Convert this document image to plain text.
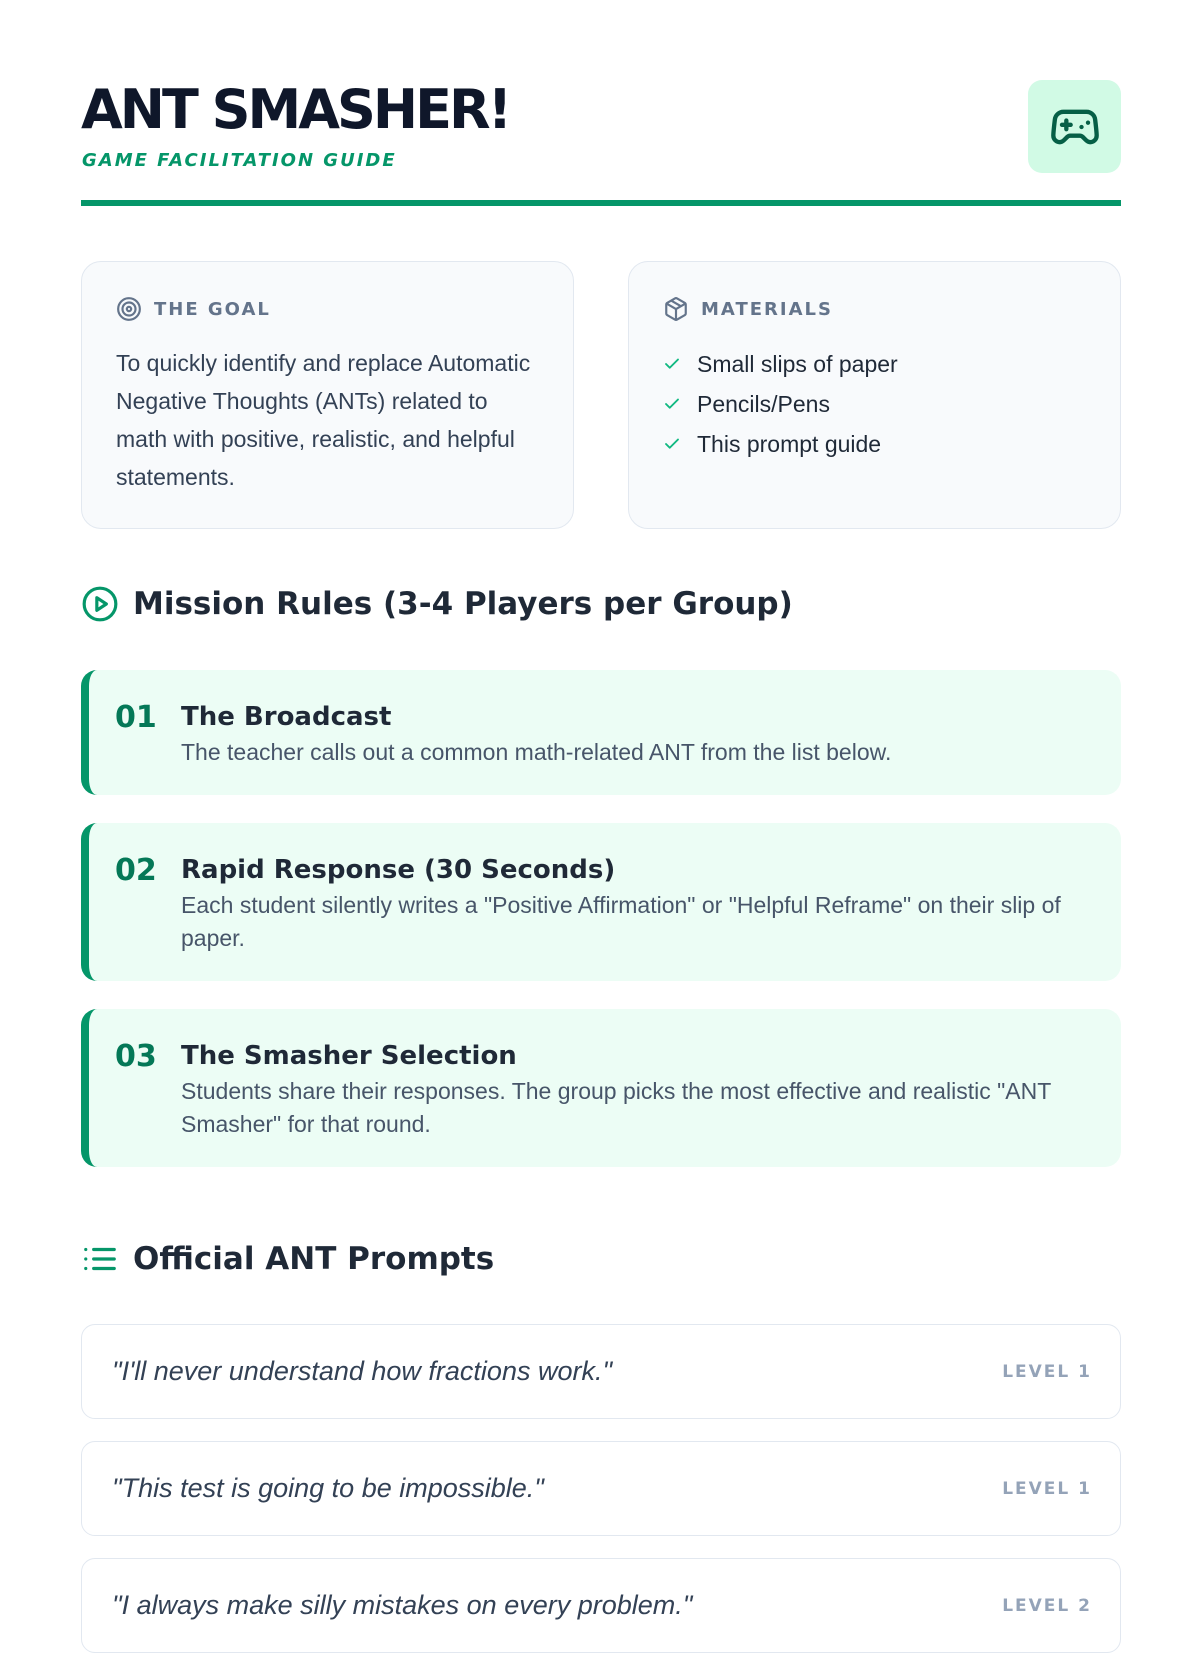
ANT SMASHER!
GAME FACILITATION GUIDE
THE GOAL

To quickly identify and replace Automatic Negative Thoughts (ANTs) related to math with positive, realistic, and helpful statements.

MATERIALS
Small slips of paper
Pencils/Pens
This prompt guide
Mission Rules (3-4 Players per Group)
01 The Broadcast
The teacher calls out a common math-related ANT from the list below.
02 Rapid Response (30 Seconds)
Each student silently writes a "Positive Affirmation" or "Helpful Reframe" on their slip of paper.
03 The Smasher Selection
Students share their responses. The group picks the most effective and realistic "ANT Smasher" for that round.
Official ANT Prompts
"I'll never understand how fractions work."	LEVEL 1
"This test is going to be impossible."	LEVEL 1
"I always make silly mistakes on every problem."	LEVEL 2
